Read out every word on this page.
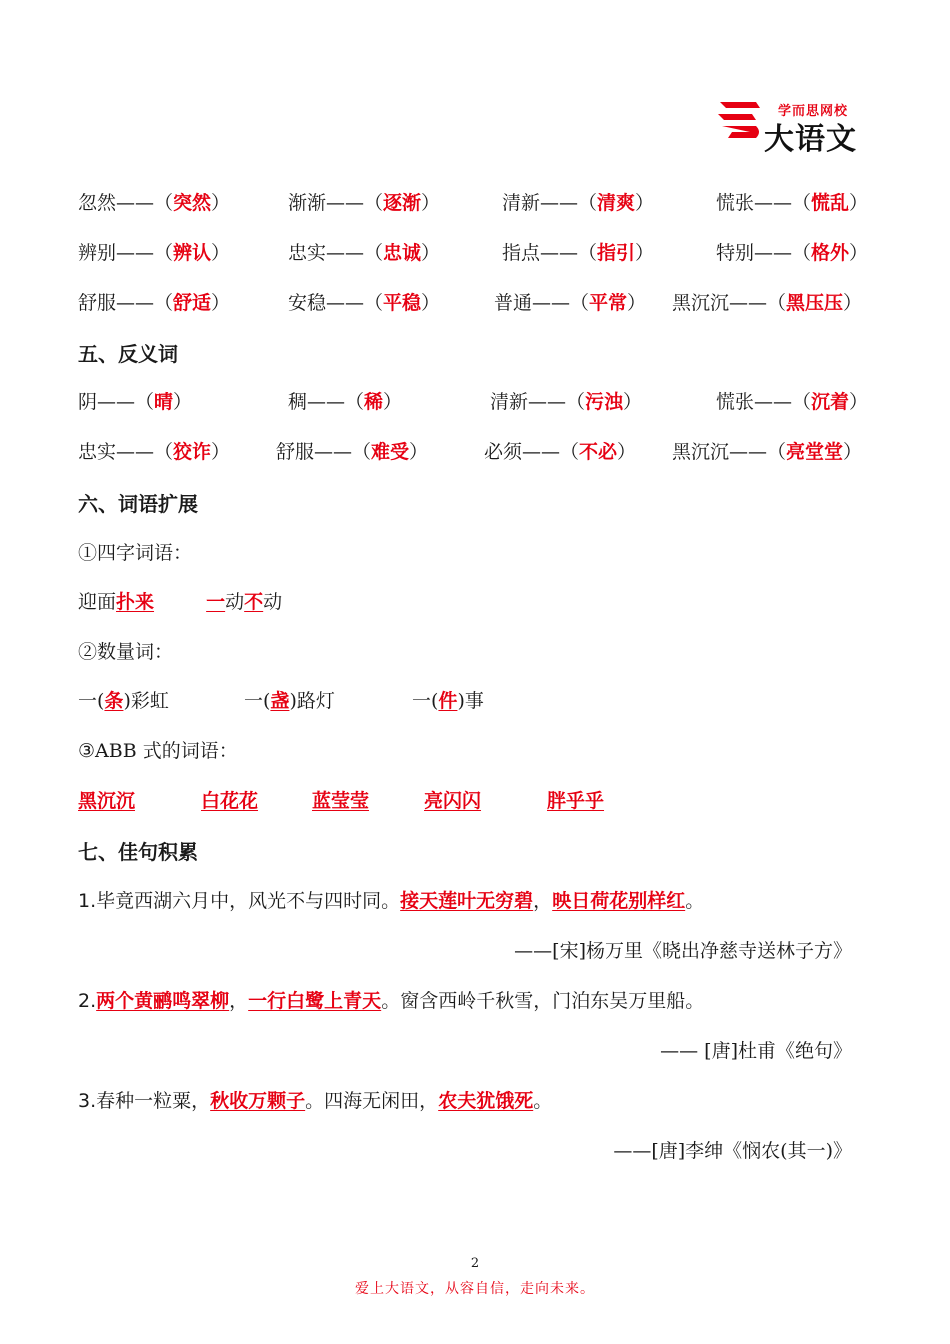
学而思网校
大语文
忽然——（突然）	渐渐——（逐渐）	清新——（清爽）	慌张——（慌乱）
辨别——（辨认）	忠实——（忠诚）	指点——（指引）	特别——（格外）
舒服——（舒适）	安稳——（平稳）	普通——（平常） 黑沉沉——（黑压压）
五、反义词
阴——（晴）	稠——（稀）	清新——（污浊）	慌张——（沉着）
忠实——（狡诈） 舒服——（难受）	必须——（不必） 黑沉沉——（亮堂堂）
六、词语扩展
①四字词语：
迎面扑来	一动不动
②数量词：
一(条)彩虹	一(盏)路灯	一(件)事
③ABB 式的词语：
黑沉沉	白花花	蓝莹莹	亮闪闪	胖乎乎
七、佳句积累
1.毕竟西湖六月中，风光不与四时同。接天莲叶无穷碧，映日荷花别样红。
——[宋]杨万里《晓出净慈寺送林子方》
2.两个黄鹂鸣翠柳，一行白鹭上青天。窗含西岭千秋雪，门泊东吴万里船。
—— [唐]杜甫《绝句》
3.春种一粒粟，秋收万颗子。四海无闲田，农夫犹饿死。
——[唐]李绅《悯农(其一)》
2
爱上大语文，从容自信，走向未来。
